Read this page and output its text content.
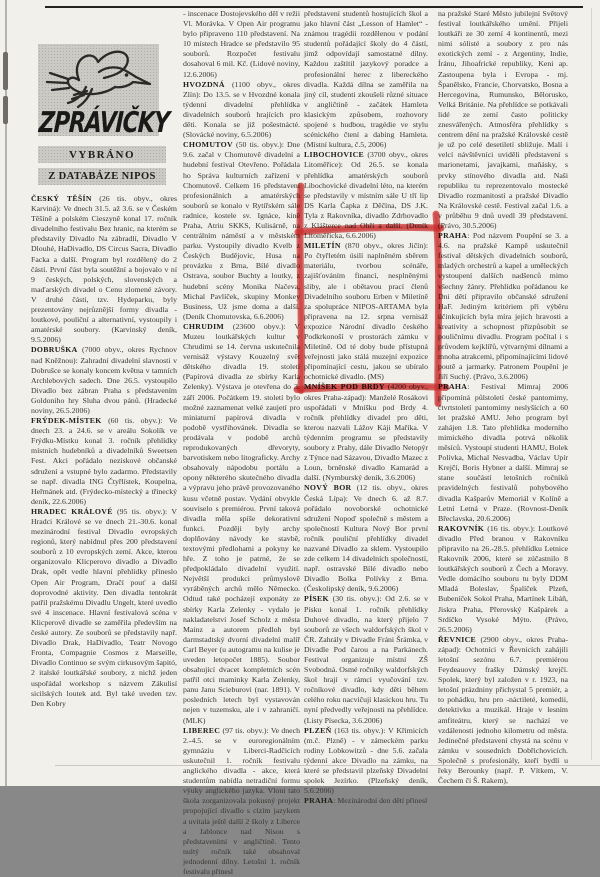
ZPRÁVIČKY
VYBRÁNO
Z DATABÁZE NIPOS

ČESKÝ TĚŠÍN (26 tis. obyv., okres Karviná): Ve dnech 31.5. až 3.6. se v Českém Těšíně a polském Cieszyně konal 17. ročník divadelního festivalu Bez hranic, na kterém se představily Divadlo Na zábradlí, Divadlo V Dlouhé, HaDivadlo, DS Circus Sacra, Divadlo Facka a další. Program byl rozdělený do 2 částí. První část byla soutěžní a bojovalo v ní 9 českých, polských, slovenských a maďarských divadel o Cenu zlomené závory. V druhé části, tzv. Hydeparku, byly prezentovány nejrůznější formy divadla - loutkové, pouliční a alternativní, vystoupily i amatérské soubory. (Karvinský deník, 9.5.2006)

DOBRUŠKA (7000 obyv., okres Rychnov nad Kněžnou): Zahradní divadelní slavnosti v Dobrušce se konaly koncem května v tamních Archlebových sadech. Dne 26.5. vystoupilo Divadlo bez zábran Praha s představením Goldoniho hry Sluha dvou pánů. (Hradecké noviny, 26.5.2006)

FRÝDEK-MÍSTEK (60 tis. obyv.): Ve dnech 23. a 24.6. se v areálu Sokolík ve Frýdku-Místku konal 3. ročník přehlídky místních hudebníků a divadelníků Sweetsen Fest. Akci pořádalo neziskové občanské sdružení a vstupné bylo zadarmo. Představily se např. divadla ING Čtyřlístek, Koupelna, Heřmánek atd. (Frýdecko-místecký a třinecký deník, 22.6.2006)

HRADEC KRÁLOVÉ (95 tis. obyv.): V Hradci Králové se ve dnech 21.-30.6. konal mezinárodní festival Divadlo evropských regionů, který nabídnul přes 200 představení souborů z 10 evropských zemí. Akce, kterou organizovalo Klicperovo divadlo a Divadlo Drak, opět vedle hlavní přehlídky přineslo Open Air Program, Dračí pouť a další doprovodné aktivity. Den divadla tentokrát patřil pražskému Divadlu Ungelt, které uvedlo své 4 inscenace. Hlavní festivalová scéna v Klicperově divadle se zaměřila především na české autory. Ze souborů se představily např. Divadlo Drak, HaDivadlo, Teatr Novogo Fronta, Compagnie Cosmos z Marseille, Divadlo Continuo se svým cirkusovým šapitó, 2 italské loutkářské soubory, z nichž jeden uspořádal workshop s názvem Zákulisí sicilských loutek atd. Byl také uveden tzv. Den Kobry

- inscenace Dostojevského děl v režii Vl. Morávka. V Open Air programu bylo připraveno 110 představení. Na 10 místech Hradce se představilo 95 souborů. Rozpočet festivalu dosahoval 6 mil. Kč. (Lidové noviny, 12.6.2006)

HVOZDNÁ (1100 obyv., okres Zlín): Do 13.5. se v Hvozdné konala týdenní divadelní přehlídka divadelních souborů hrajících pro děti. Konala se již pošestnácté. (Slovácké noviny, 6.5.2006)

CHOMUTOV (50 tis. obyv.): Dne 9.6. začal v Chomutově divadelní a hudební festival Otevřeno. Pořádala ho Správa kulturních zařízení v Chomutově. Celkem 16 představení profesionálních a amatérských souborů se konalo v Rytířském sále radnice, kostele sv. Ignáce, kině Praha, Atriu SKKS, Kulisárně, na centrálním náměstí a v městském parku. Vystoupily divadlo Kvelb z Českých Budějovic, Husa na provázku z Brna, Bílé divadlo Ostrava, soubor Buchty a loutky, z hudební scény Monika Načeva, Michal Pavlíček, skupiny Monkey Business, Už jsme doma a další. (Deník Chomutovska, 6.6.2006)

CHRUDIM (23600 obyv.): V Muzeu loutkářských kultur v Chrudimi se 14. června uskutečnila vernisáž výstavy Kouzelný svět dětského divadla 19. století (Papírová divadla ze sbírky Karla Zelenky). Výstava je otevřena do 3. září 2006. Počátkem 19. století bylo možné zaznamenat velké zaujetí pro miniaturní papírová divadla v podobě vystřihovánek. Divadla se prodávala v podobě archů reprodukovaných dřevoryty, barvotiskem nebo litograficky. Archy obsahovaly nápodobu portálu a opony některého skutečného divadla a výpravu jeho právě provozovaného kusu včetně postav. Vydání obvykle souviselo s premiérou. První taková divadla měla spíše dekorativní funkci. Později byly archy doplňovány návody ke stavbě, textovými předlohami a pokyny ke hře. Z toho je patrné, že se předpokládalo divadelní využití. Největší produkci průmyslově vyráběných archů mělo Německo. Odtud také pocházejí exponáty ze sbírky Karla Zelenky - vydalo je nakladatelství Josef Scholz z města Mainz a autorem předloh byl darmstadtský dvorní divadelní malíř Carl Beyer (u autogramu na kulise je uveden letopočet 1885). Soubor obsahující dvacet kompletních scén patřil otci maminky Karla Zelenky, panu Janu Scieburovi (nar. 1891). V posledních letech byl vystavován nejen v tuzemsku, ale i v zahraničí. (MLK)

LIBEREC (97 tis. obyv.): Ve dnech 2.-4.5. se v euroregionálním gymnáziu v Liberci-Radčicích uskutečnil 1. ročník festivalu anglického divadla - akce, která studentům nabídla netradiční formu výuky anglického jazyka. Vloni tato škola zorganizovala pokusný projekt propojující divadlo s cizím jazykem a uvítala ještě další 2 školy z Liberce a Jablonce nad Nisou s představeními v angličtině. Tento nultý ročník také obsahoval jednodenní dílny. Letošní 1. ročník festivalu přinesl

představení studentů hostujících škol a jako hlavní část „Lesson of Hamlet“ - známou tragédii rozdělenou v podání studentů pořádající školy do 4 částí, jimž odpovídají samostatné dílny. Každou zaštítil jazykový poradce a profesionální herec z libereckého divadla. Každá dílna se zaměřila na jiný cíl, studenti zkoušeli různé situace v angličtině - začátek Hamleta klasickým způsobem, rozhovory spojené s hudbou, tragédie ve stylu scénického čtení a dabing Hamleta. (Místní kultura, č.5, 2006)

LIBOCHOVICE (3700 obyv., okres Litoměřice): Od 26.5. se konala přehlídka amatérských souborů Libochovické divadelní léto, na kterém se představily v místním sále U tří lip DS Karla Čapka z Děčína, DS J.K. Tyla z Rakovníka, divadlo Zdrhovadlo z Klášterce nad Ohří a další. (Deník Litoměřicka, 6.6.2006)

MILETÍN (870 obyv., okres Jičín): Po čtyřletém úsilí naplněném sběrem materiálu, tvorbou scénáře, zajišťováním financí, nesplněnými sliby, ale i obětavou prací členů Divadelního souboru Erben v Miletíně za spolupráce NIPOS-ARTAMA byla připravena na 12. srpna vernisáž expozice Národní divadlo českého Podkrkonoší v prostorách zámku v Miletíně. Od té doby bude přístupná veřejnosti jako stálá muzejní expozice připomínající cestu, jakou se ubíralo ochotnické divadlo. (MS)

MNÍŠEK POD BRDY (4200 obyv., okres Praha-západ): Manželé Rosákovi uspořádali v Mníšku pod Brdy 4. ročník přehlídky divadel pro děti, kterou nazvali Lážov Káji Maříka. V týdenním programu se představily soubory z Prahy, dále Divadlo Netopýr z Týnce nad Sázavou, Divadlo Mazec z Loun, brněnské divadlo Kamarád a další. (Nymburský deník, 3.6.2006)

NOVÝ BOR (12 tis. obyv., okres Česká Lípa): Ve dnech 6. až 8.7. pořádalo novoborské ochotnické sdružení Nopoď společně s městem a společností Kultura Nový Bor první ročník pouliční přehlídky divadel nazvané Divadlo za sklem. Vystoupilo zde celkem 14 divadelních společností, např. ostravské Bílé divadlo nebo Divadlo Bolka Polívky z Brna. (Českolipský deník, 9.6.2006)

PÍSEK (30 tis. obyv.): Od 2.6. se v Písku konal 1. ročník přehlídky Duhové divadlo, na který přijelo 7 souborů ze všech waldorfských škol v ČR. Zahrály v Divadle Fráni Šrámka, v Divadle Pod čarou a na Parkánech. Festival organizuje místní ZŠ Svobodná. Osmé ročníky waldorfských škol hrají v rámci vyučování tzv. ročníkové divadlo, kdy děti během celého roku nacvičují klasickou hru. Tu nyní předvedly veřejnosti na přehlídce. (Listy Písecka, 3.6.2006)

PLZEŇ (163 tis. obyv.): V Křimicích (m.č. Plzně) - v zámeckém parku rodiny Lobkowitzů - dne 5.6. začala týdenní akce Divadlo na zámku, na které se představil plzeňský Divadelní spolek Jezírko. (Plzeňský deník, 5.6.2006)

PRAHA: Mezinárodní den dětí přinesl

na pražské Staré Město jubilejní Světový festival loutkářského umění. Přijeli loutkáři ze 30 zemí 4 kontinentů, mezi nimi sólisté a soubory z pro nás exotických zemí - z Argentiny, Indie, Íránu, Jihoafrické republiky, Keni ap. Zastoupena byla i Evropa - mj. Španělsko, Francie, Chorvatsko, Bosna a Hercegovina, Rumunsko, Bělorusko, Velká Británie. Na přehlídce se potkávali lidé ze zemí často politicky znesvářených. Atmosféra přehlídky s centrem dění na pražské Královské cestě je už po celé desetiletí sbližuje. Malí i velcí návštěvníci uviděli představení s marionetami, javajkami, maňásky, s prvky stínového divadla atd. Naši republiku tu reprezentovalo mostecké Divadlo rozmanitostí a pražské Divadlo Na Královské cestě. Festival začal 1.6. a v průběhu 9 dnů uvedl 39 představení. (Právo, 30.5.2006)

PRAHA: Pod názvem Poupění se 3. a 4.6. na pražské Kampě uskutečnil festival dětských divadelních souborů, mladých orchestrů a kapel a uměleckých vystoupení dalších nadšenců mimo všechny žánry. Přehlídku pořádanou ke Dni dětí připravilo občanské sdružení HaF. Jediným kritériem při výběru účinkujících byla míra jejich hravosti a kreativity a schopnost přizpůsobit se pouličnímu divadlu. Program počítal i s průvodem kejklířů, výtvarnými dílnami a mnoha atrakcemi, připomínajícími lidové poutě a jarmarky. Patronem Poupění je Jiří Suchý. (Právo, 3.6.2006)

PRAHA: Festival Mimraj 2006 připomíná půlstoletí české pantomimy, čtvrtstoletí pantomimy neslyšících a 60 let pražské AMU. Jeho program byl zahájen 1.8. Tato přehlídka moderního mimického divadla potrvá několik měsíců. Vystoupí studenti HAMU, Bolek Polívka, Michal Nesvadba, Václav Upír Krejčí, Boris Hybner a další. Mimraj se stane součástí letošních ročníků pravidelných festivalů pohybového divadla Kašparův Memoriál v Kolíně a Letní Letná v Praze. (Rovnost-Deník Břeclavska, 20.6.2006)

RAKOVNÍK (16 tis. obyv.): Loutkové divadlo Před branou v Rakovníku připravilo na 26.-28.5. přehlídku Letnice Rakovník 2006, které se zúčastnilo 8 loutkářských souborů z Čech a Moravy. Vedle domácího souboru tu byly DDM Mladá Boleslav, Špalíček Plzeň, Bubeníček Sokol Praha, Martínek Libáň, Jiskra Praha, Přerovský Kašpárek a Srdíčko Vysoké Mýto. (Právo, 26.5.2006)

ŘEVNICE (2900 obyv., okres Praha-západ): Ochotníci v Řevnicích zahájili letošní sezónu 6.7. premiérou Feydeauovy frašky Dámský krejčí. Spolek, který byl založen v r. 1923, na letošní prázdniny přichystal 5 premiér, a to pohádku, hru pro -náctileté, komedii, detektivku a muzikál. Hraje v lesním amfiteátru, který se nachází ve vzdálenosti jednoho kilometru od města. Jedinečné představení chystá na scénu v zámku v sousedních Dobřichovicích. Společně s profesionály, kteří bydlí u řeky Berounky (např. P. Vítkem, V. Čechem či Š. Rakem),
